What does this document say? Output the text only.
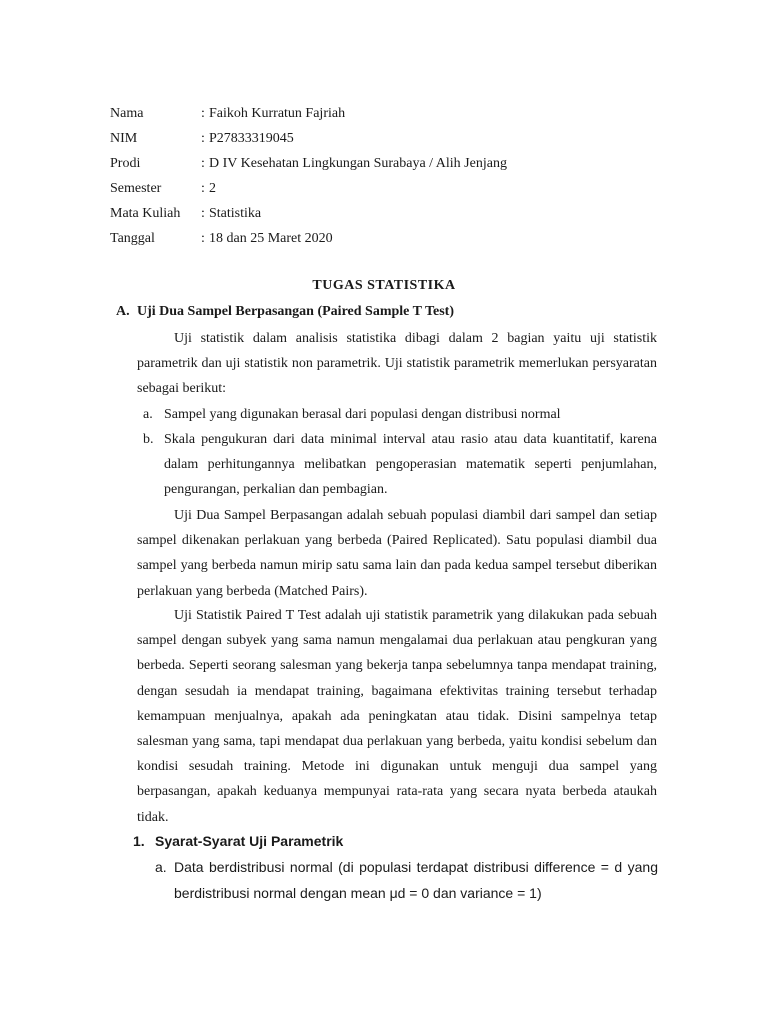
Nama	: Faikoh Kurratun Fajriah
NIM	: P27833319045
Prodi	: D IV Kesehatan Lingkungan Surabaya / Alih Jenjang
Semester	: 2
Mata Kuliah : Statistika
Tanggal	: 18 dan 25 Maret 2020
TUGAS STATISTIKA
A. Uji Dua Sampel Berpasangan (Paired Sample T Test)

Uji statistik dalam analisis statistika dibagi dalam 2 bagian yaitu uji statistik parametrik dan uji statistik non parametrik. Uji statistik parametrik memerlukan persyaratan sebagai berikut:

a. Sampel yang digunakan berasal dari populasi dengan distribusi normal
b. Skala pengukuran dari data minimal interval atau rasio atau data kuantitatif, karena dalam perhitungannya melibatkan pengoperasian matematik seperti penjumlahan, pengurangan, perkalian dan pembagian.

Uji Dua Sampel Berpasangan adalah sebuah populasi diambil dari sampel dan setiap sampel dikenakan perlakuan yang berbeda (Paired Replicated). Satu populasi diambil dua sampel yang berbeda namun mirip satu sama lain dan pada kedua sampel tersebut diberikan perlakuan yang berbeda (Matched Pairs).

Uji Statistik Paired T Test adalah uji statistik parametrik yang dilakukan pada sebuah sampel dengan subyek yang sama namun mengalamai dua perlakuan atau pengkuran yang berbeda. Seperti seorang salesman yang bekerja tanpa sebelumnya tanpa mendapat training, dengan sesudah ia mendapat training, bagaimana efektivitas training tersebut terhadap kemampuan menjualnya, apakah ada peningkatan atau tidak. Disini sampelnya tetap salesman yang sama, tapi mendapat dua perlakuan yang berbeda, yaitu kondisi sebelum dan kondisi sesudah training. Metode ini digunakan untuk menguji dua sampel yang berpasangan, apakah keduanya mempunyai rata-rata yang secara nyata berbeda ataukah tidak.

1. Syarat-Syarat Uji Parametrik
a. Data berdistribusi normal (di populasi terdapat distribusi difference = d yang berdistribusi normal dengan mean μd = 0 dan variance = 1)
